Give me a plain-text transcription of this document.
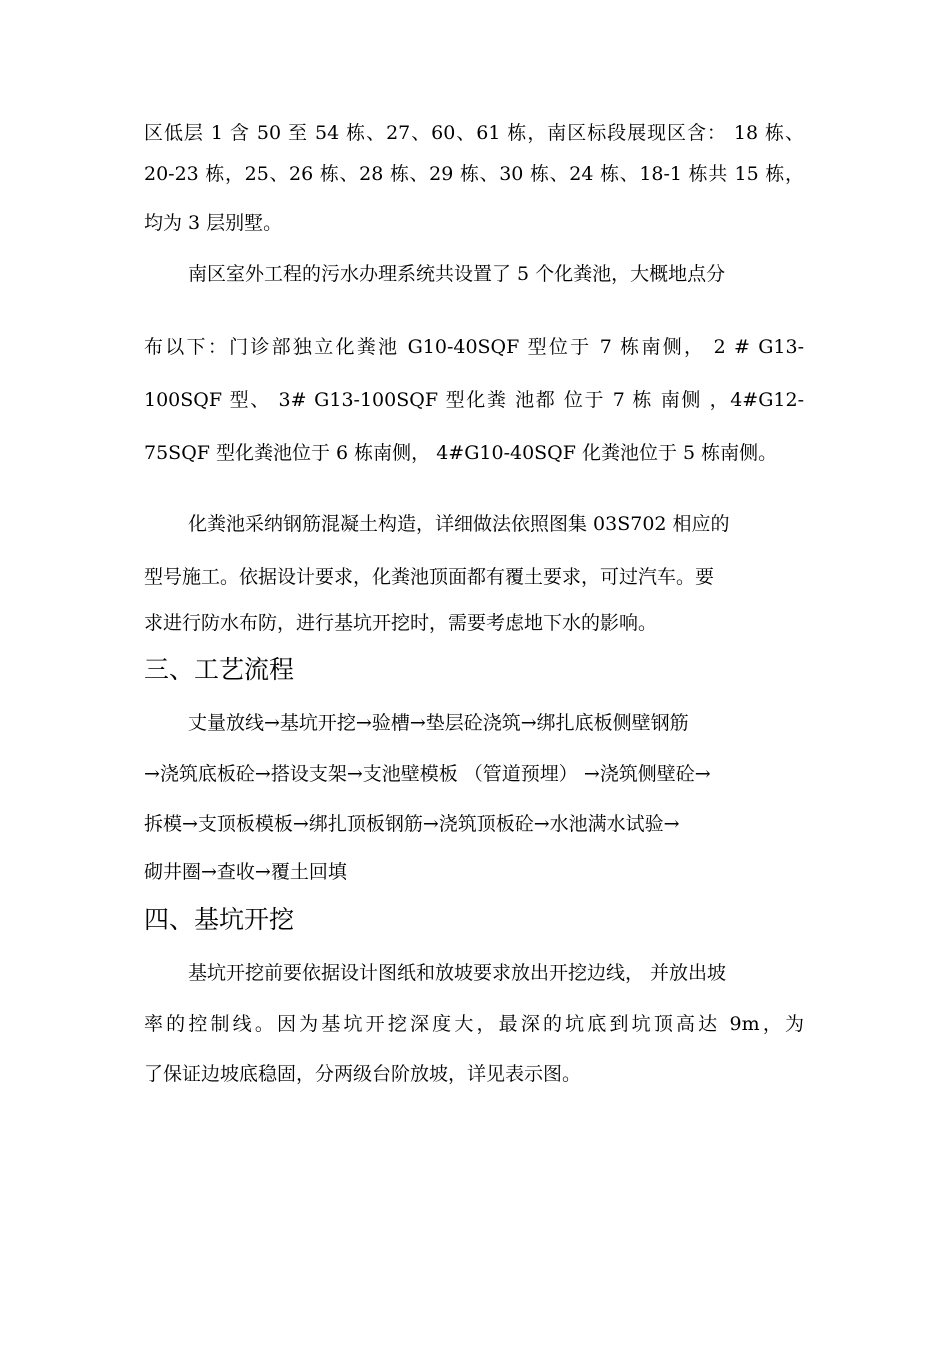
区低层 1 含 50 至 54 栋、27、60、61 栋，南区标段展现区含： 18 栋、
20-23 栋，25、26 栋、28 栋、29 栋、30 栋、24 栋、18-1 栋共 15 栋，
均为 3 层别墅。
南区室外工程的污水办理系统共设置了 5 个化粪池，大概地点分
布以下：门诊部独立化粪池 G10-40SQF 型位于 7 栋南侧， 2 # G13-
100SQF 型、 3# G13-100SQF 型化粪 池都 位于 7 栋 南侧 ，4#G12-
75SQF 型化粪池位于 6 栋南侧， 4#G10-40SQF 化粪池位于 5 栋南侧。
化粪池采纳钢筋混凝土构造，详细做法依照图集 03S702 相应的
型号施工。依据设计要求，化粪池顶面都有覆土要求，可过汽车。要
求进行防水布防，进行基坑开挖时，需要考虑地下水的影响。
三、工艺流程
丈量放线→基坑开挖→验槽→垫层砼浇筑→绑扎底板侧壁钢筋
→浇筑底板砼→搭设支架→支池壁模板 （管道预埋） →浇筑侧壁砼→
拆模→支顶板模板→绑扎顶板钢筋→浇筑顶板砼→水池满水试验→
砌井圈→查收→覆土回填
四、基坑开挖
基坑开挖前要依据设计图纸和放坡要求放出开挖边线， 并放出坡
率的控制线。因为基坑开挖深度大，最深的坑底到坑顶高达 9m，为
了保证边坡底稳固，分两级台阶放坡，详见表示图。
